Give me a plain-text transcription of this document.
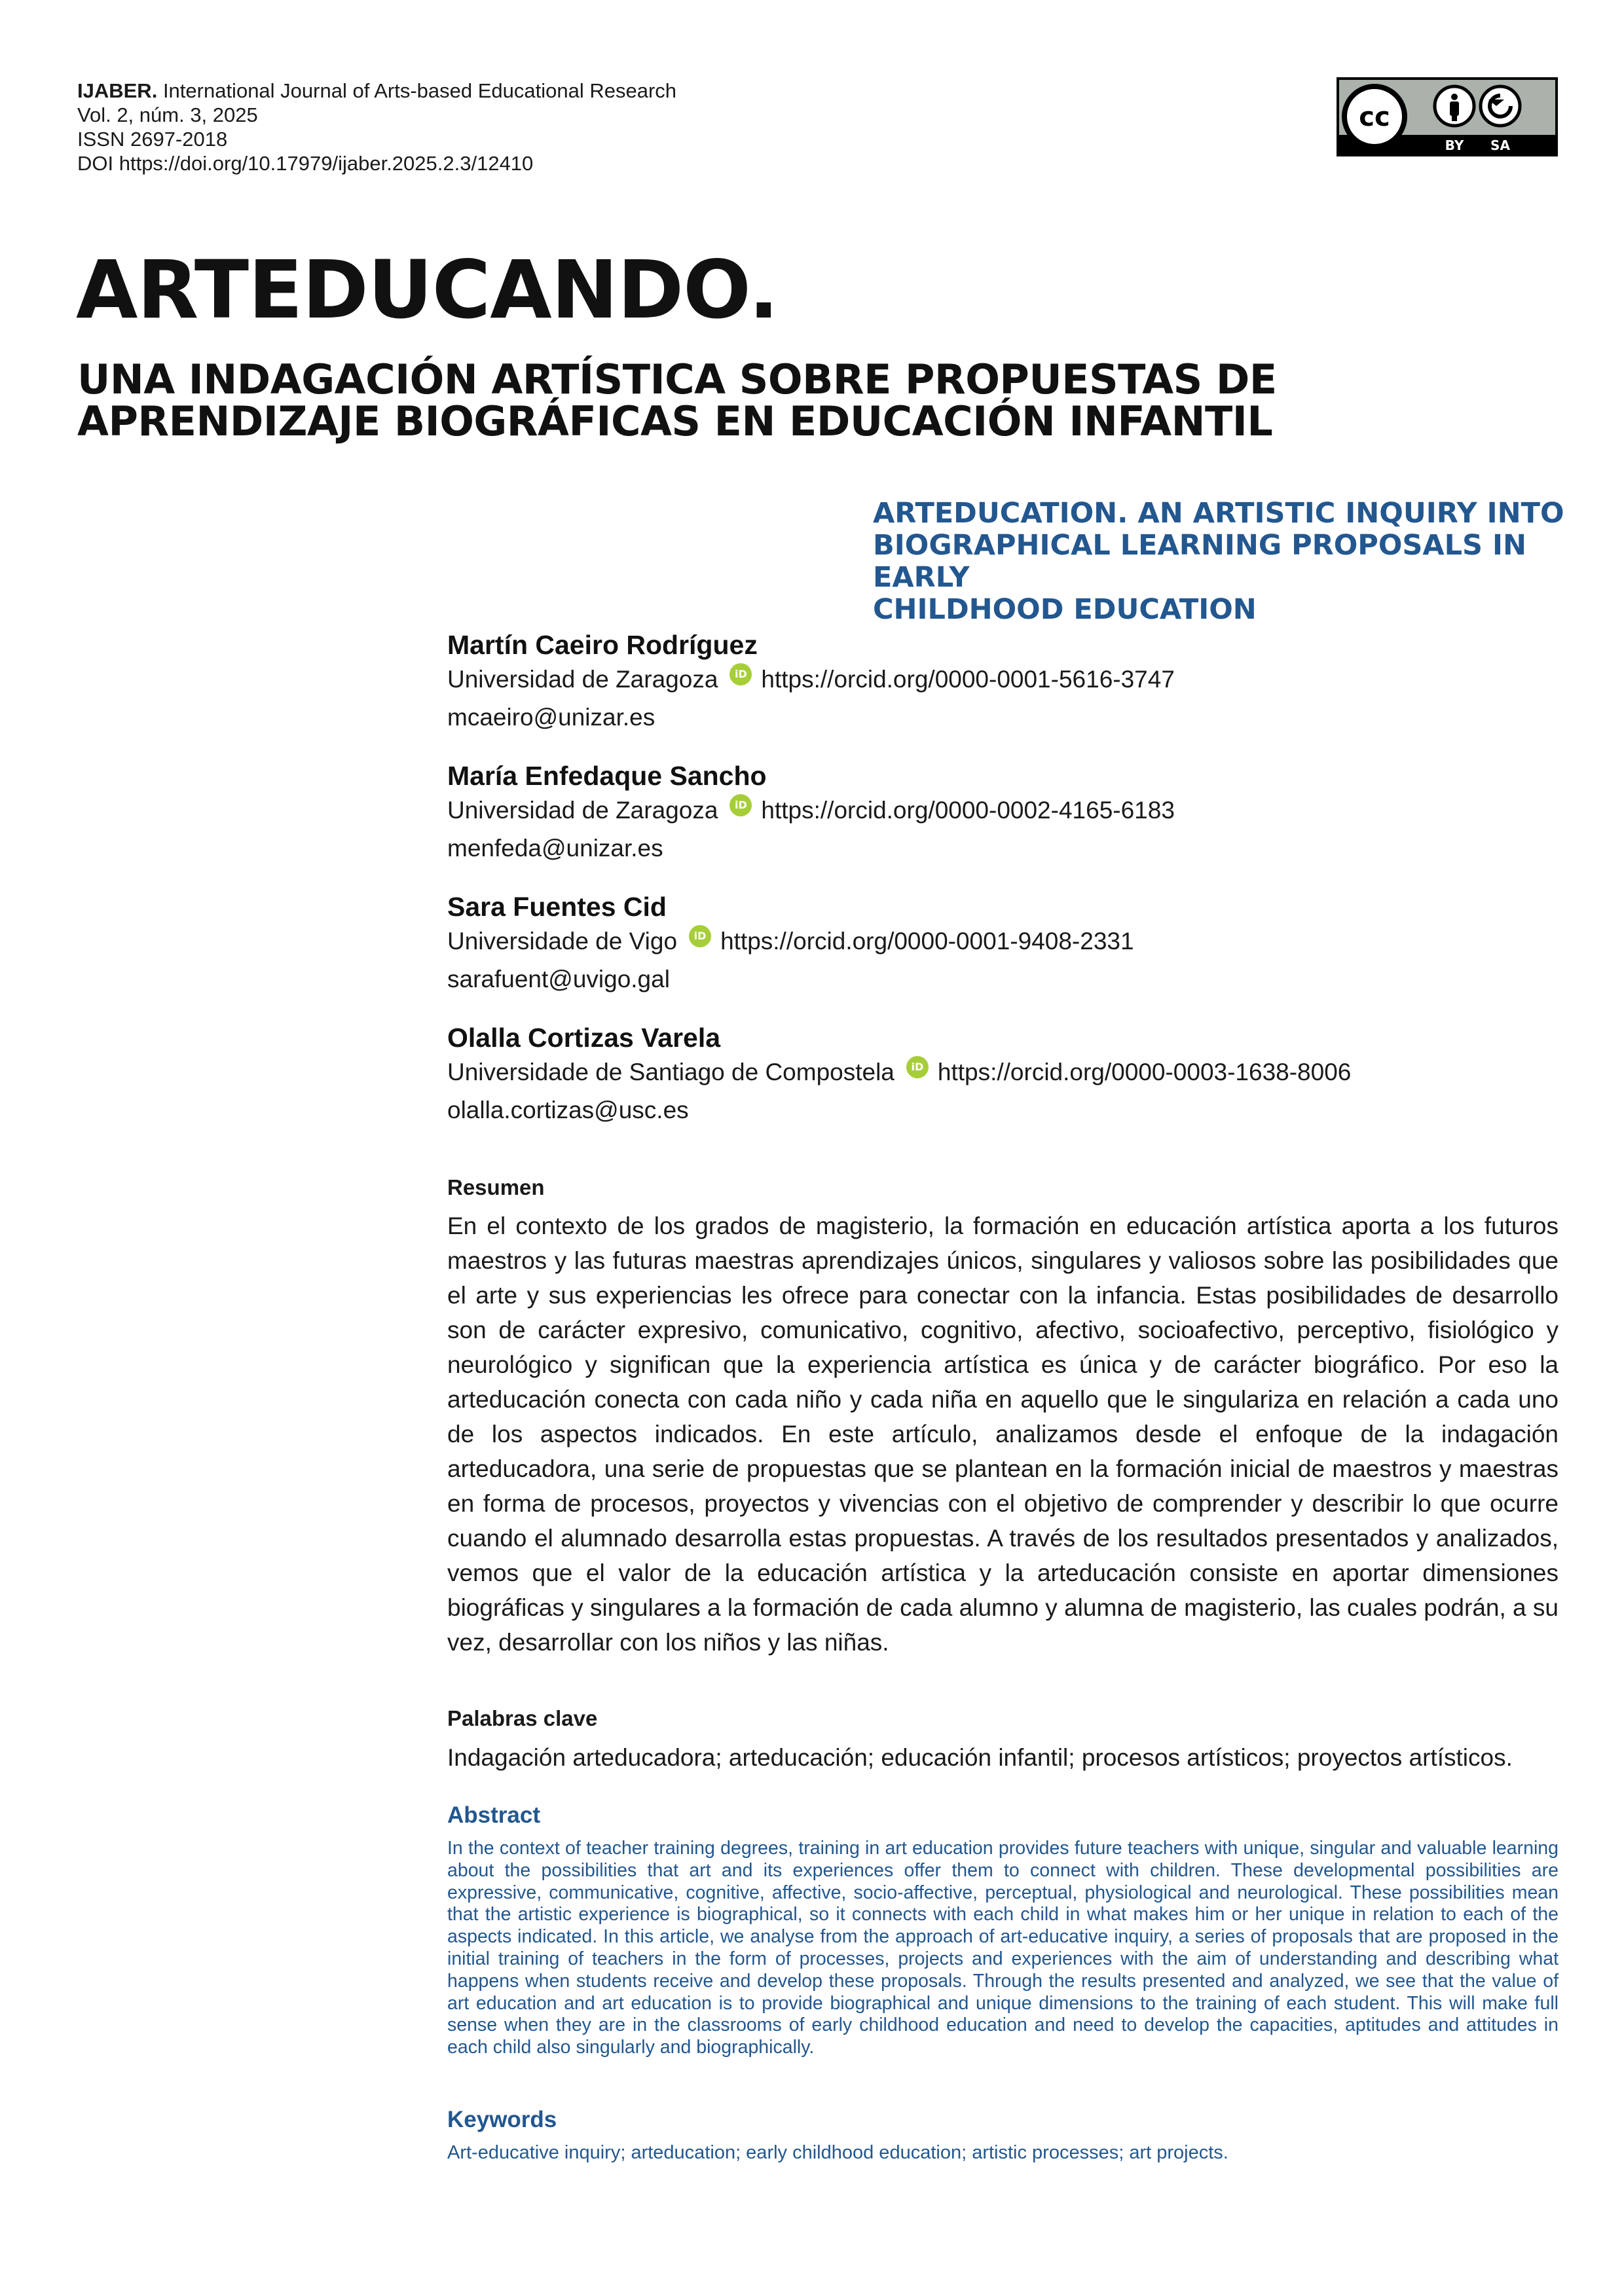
IJABER. International Journal of Arts-based Educational Research
Vol. 2, núm. 3, 2025
ISSN 2697-2018
DOI https://doi.org/10.17979/ijaber.2025.2.3/12410
cc
BY SA
ARTEDUCANDO.
UNA INDAGACIÓN ARTÍSTICA SOBRE PROPUESTAS DE
APRENDIZAJE BIOGRÁFICAS EN EDUCACIÓN INFANTIL
ARTEDUCATION. AN ARTISTIC INQUIRY INTO
BIOGRAPHICAL LEARNING PROPOSALS IN EARLY
CHILDHOOD EDUCATION
Martín Caeiro Rodríguez
Universidad de Zaragoza	iD https://orcid.org/0000-0001-5616-3747
mcaeiro@unizar.es
María Enfedaque Sancho
Universidad de Zaragoza	iD https://orcid.org/0000-0002-4165-6183
menfeda@unizar.es
Sara Fuentes Cid
Universidade de Vigo	iD https://orcid.org/0000-0001-9408-2331
sarafuent@uvigo.gal
Olalla Cortizas Varela
Universidade de Santiago de Compostela	iD https://orcid.org/0000-0003-1638-8006
olalla.cortizas@usc.es
Resumen

En el contexto de los grados de magisterio, la formación en educación artística aporta a los futuros maestros y las futuras maestras aprendizajes únicos, singulares y valiosos sobre las posibilidades que el arte y sus experiencias les ofrece para conectar con la infancia. Estas posibilidades de desarrollo son de carácter expresivo, comunicativo, cognitivo, afectivo, socioafectivo, perceptivo, fisiológico y neurológico y significan que la experiencia artística es única y de carácter biográfico. Por eso la arteducación conecta con cada niño y cada niña en aquello que le singulariza en relación a cada uno de los aspectos indicados. En este artículo, analizamos desde el enfoque de la indagación arteducadora, una serie de propuestas que se plantean en la formación inicial de maestros y maestras en forma de procesos, proyectos y vivencias con el objetivo de comprender y describir lo que ocurre cuando el alumnado desarrolla estas propuestas. A través de los resultados presentados y analizados, vemos que el valor de la educación artística y la arteducación consiste en aportar dimensiones biográficas y singulares a la formación de cada alumno y alumna de magisterio, las cuales podrán, a su vez, desarrollar con los niños y las niñas.

Palabras clave

Indagación arteducadora; arteducación; educación infantil; procesos artísticos; proyectos artísticos.

Abstract

In the context of teacher training degrees, training in art education provides future teachers with unique, singular and valuable learning about the possibilities that art and its experiences offer them to connect with children. These developmental possibilities are expressive, communicative, cognitive, affective, socio-affective, perceptual, physiological and neurological. These possibilities mean that the artistic experience is biographical, so it connects with each child in what makes him or her unique in relation to each of the aspects indicated. In this article, we analyse from the approach of art-educative inquiry, a series of proposals that are proposed in the initial training of teachers in the form of processes, projects and experiences with the aim of understanding and describing what happens when students receive and develop these proposals. Through the results presented and analyzed, we see that the value of art education and art education is to provide biographical and unique dimensions to the training of each student. This will make full sense when they are in the classrooms of early childhood education and need to develop the capacities, aptitudes and attitudes in each child also singularly and biographically.

Keywords

Art-educative inquiry; arteducation; early childhood education; artistic processes; art projects.
